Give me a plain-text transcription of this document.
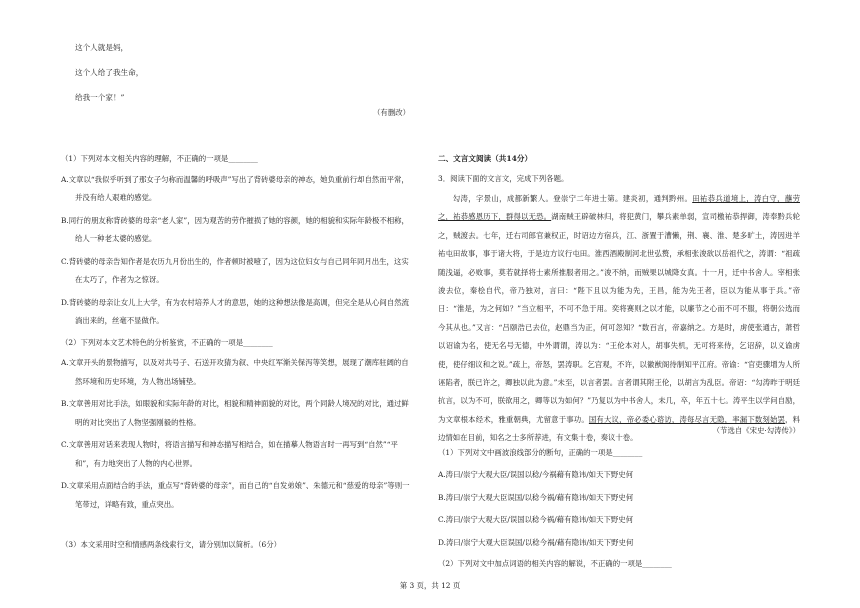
这个人就是妈，
这个人给了我生命，
给我一个家！”
（有删改）
（1）下列对本文相关内容的理解，不正确的一项是________
A.文章以“我似乎听到了那女子匀称而温馨的呼吸声”写出了背砖婆母亲的神态，她负重前行却自然而平常，并没有给人艰难的感觉。
B.同行的朋友称背砖婆的母亲“老人家”，因为观苦的劳作摧损了她的容颜，她的相貌和实际年龄极不相称，给人一种老太婆的感觉。
C.背砖婆的母亲告知作者是农历九月份出生的，作者顿时被噎了，因为这位妇女与自己同年同月出生，这实在太巧了，作者为之惊讶。
D.背砖婆的母亲让女儿上大学，有为农村培养人才的意思，她的这种想法像是高调，但完全是从心间自然流淌出来的，丝毫不显做作。
（2）下列对本文艺术特色的分析鉴赏，不正确的一项是________
A.文章开头的景物描写，以及对共号子、石送开攻猜为叙、中央红军渐关保泻等笑想，展现了潮库驻阔的自然环境和历史环境，为人物出场铺垫。
B.文章善用对比手法，如眼貌和实际年龄的对比，相貌和精神面貌的对比，两个同龄人境况的对比，通过鲜明的对比突出了人物坚强刚毅的性格。
C.文章善用对话来表现人物时，将语言描写和神态描写相结合，如在描摹人物语言时一再写到“自然”“平和”，有力地突出了人物的内心世界。
D.文章采用点面结合的手法，重点写“背砖婆的母亲”，而自己的“自发弟娘”、朱德元和“慈爱的母亲”等则一笔带过，详略有致，重点突出。
（3）本文采用时空和情感两条线索行文，请分别加以简析。（6分）
二、文言文阅读（共14分）
3．阅读下面的文言文，完成下列各题。
勾涛，字景山，成都新繁人。登崇宁二年进士第。建炎初，通判黔州。田祐恭兵道境上，涛白守，蘸劳之，祐恭感恩历下，群得以无恐。湖南贼王辟破林归，将犯黄门，攀兵素单弱，宣司檄祐恭捍御，涛奉黔兵轮之，贼渡去。七年，迁右司郎官兼权正，时诏边方宿兵，江、浙置于漕懒，荆、襄、淮、楚多旷土，涛因进羊祐屯田故事，事于诸大将，于是边方议行屯田。淮西酒殿制河北世弘赘，承相张浚欲以岳祖代之，涛谓：“祖疏随浅逼，必败事，莫若就择将士素所推服者用之。”浚不纳，而贼果以城降女真。十一月，迁中书舍人。宰相张浚去位，秦桧自代，帝乃独对，言曰：“陛下且以为能为先，王昌，能为先王者，臣以为能从事于兵。”帝日：“淮是，为之何如？”当立相平，不可不急于用。奕将赛则之以才能，以廉节之心而不可不服，将朝公选而今其从也。”又言：“吕颐浩已去位，赵鼎当为正，何可忽知？“数百言，帝嘉纳之。方是时，虏使张通古，萧哲以诏谕为名，使无名号无德，中外谓谓，涛以为：“王伦本对人，胡事失机，无可将来侍，乞诏辞，以义谕虏使，使仔细议和之说。”疏上，帝怒，罢涛职。乞宫观，不许，以徽猷阁待制知平江府。帝谕：“官吏骤增为人所诬陷者，朕已许之，卿独以此为意。”未至，以言者罢。言者谓其附王伦，以胡言为乱臣。帝诏：“勾涛昨于明廷抗言，以为不可，朕欲用之，卿等以为如何？”乃复以为中书舍人，未几，卒，年五十七。涛平生以学问自励，为文章根本经术，雅重朝典，尤留意于事功。国有大议，帝必委心谘访，涛每尽言无隐，率漏下数刻始罢，料边情如在目前，知名之士多所荐进，有文集十卷，奏议十卷。
（节选自《宋史·勾涛传》）
（1）下列对文中画波浪线部分的断句，正确的一项是________
A.涛曰/崇宁大观大臣/误国以稔/今祸藉有隐讳/如天下野史何
B.涛曰/崇宁大观大臣误国/以稔今祸/藉有隐讳/如天下野史何
C.涛曰/崇宁大观大臣/误国以稔今祸/藉有隐讳/如天下野史何
D.涛曰/崇宁大观大臣误国/以稔今祸/藉有隐讳/如天下野史何
（2）下列对文中加点词语的相关内容的解说，不正确的一项是________
第 3 页，共 12 页
